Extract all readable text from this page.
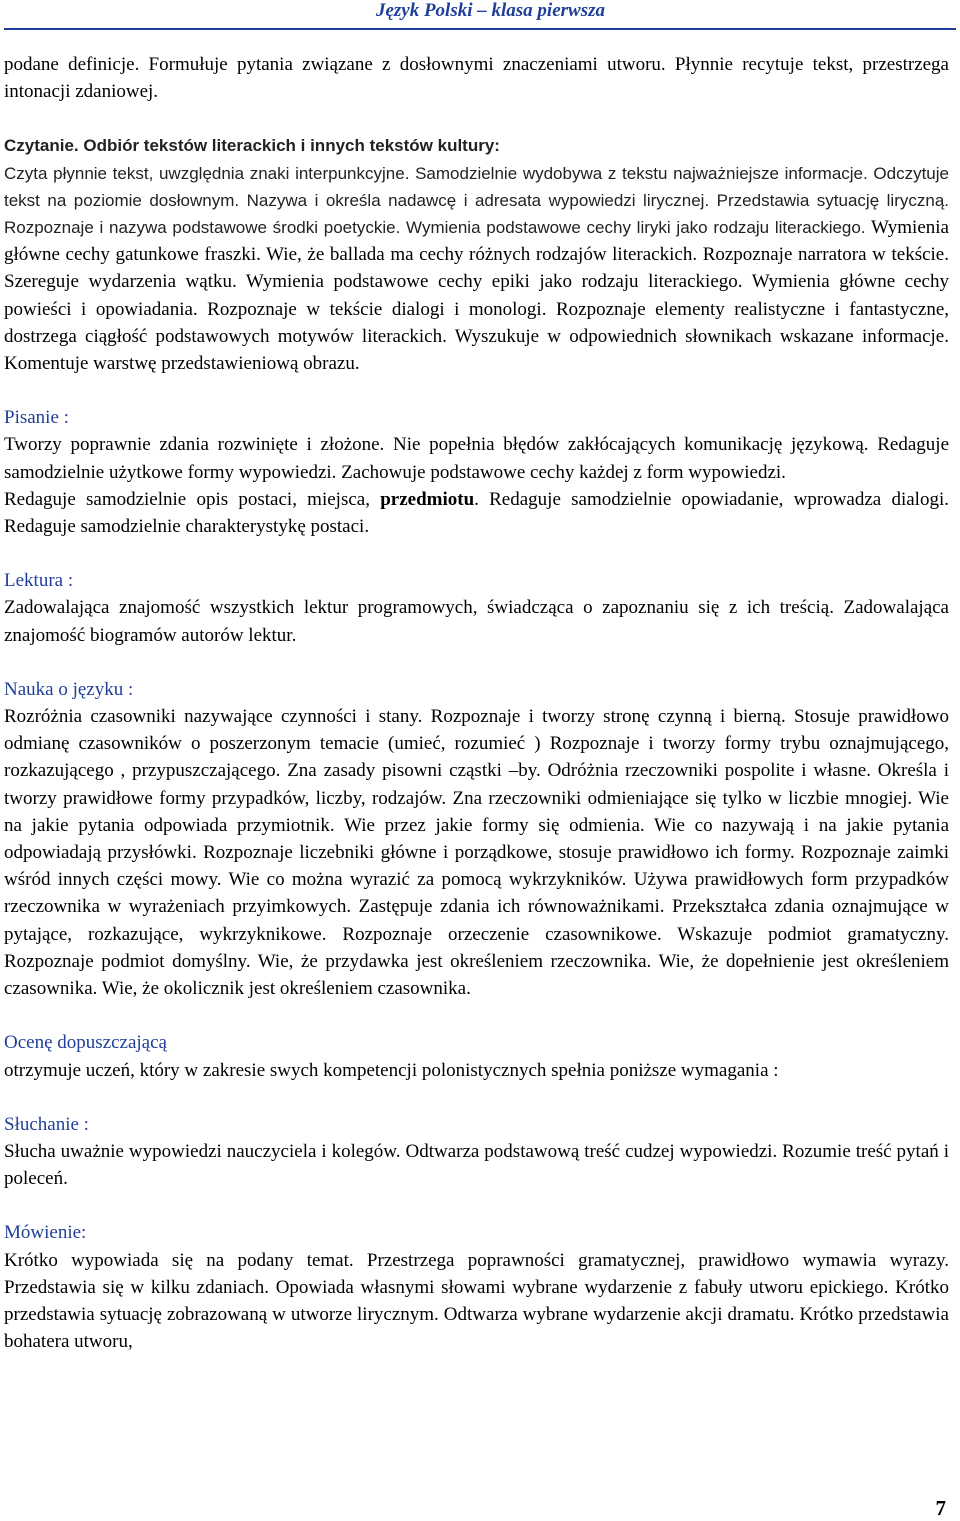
Język Polski – klasa pierwsza

podane definicje. Formułuje pytania związane z dosłownymi znaczeniami utworu. Płynnie recytuje tekst, przestrzega intonacji zdaniowej.

Czytanie. Odbiór tekstów literackich i innych tekstów kultury:

Czyta płynnie tekst, uwzględnia znaki interpunkcyjne. Samodzielnie wydobywa z tekstu najważniejsze informacje. Odczytuje tekst na poziomie dosłownym. Nazywa i określa nadawcę i adresata wypowiedzi lirycznej. Przedstawia sytuację liryczną. Rozpoznaje i nazywa podstawowe środki poetyckie. Wymienia podstawowe cechy liryki jako rodzaju literackiego. Wymienia główne cechy gatunkowe fraszki. Wie, że ballada ma cechy różnych rodzajów literackich. Rozpoznaje narratora w tekście. Szereguje wydarzenia wątku. Wymienia podstawowe cechy epiki jako rodzaju literackiego. Wymienia główne cechy powieści i opowiadania. Rozpoznaje w tekście dialogi i monologi. Rozpoznaje elementy realistyczne i fantastyczne, dostrzega ciągłość podstawowych motywów literackich. Wyszukuje w odpowiednich słownikach wskazane informacje. Komentuje warstwę przedstawieniową obrazu.

Pisanie :

Tworzy poprawnie zdania rozwinięte i złożone. Nie popełnia błędów zakłócających komunikację językową. Redaguje samodzielnie użytkowe formy wypowiedzi. Zachowuje podstawowe cechy każdej z form wypowiedzi.

Redaguje samodzielnie opis postaci, miejsca, przedmiotu. Redaguje samodzielnie opowiadanie, wprowadza dialogi. Redaguje samodzielnie charakterystykę postaci.

Lektura :

Zadowalająca znajomość wszystkich lektur programowych, świadcząca o zapoznaniu się z ich treścią. Zadowalająca znajomość biogramów autorów lektur.

Nauka o języku :

Rozróżnia czasowniki nazywające czynności i stany. Rozpoznaje i tworzy stronę czynną i bierną. Stosuje prawidłowo odmianę czasowników o poszerzonym temacie (umieć, rozumieć ) Rozpoznaje i tworzy formy trybu oznajmującego, rozkazującego , przypuszczającego. Zna zasady pisowni cząstki –by. Odróżnia rzeczowniki pospolite i własne. Określa i tworzy prawidłowe formy przypadków, liczby, rodzajów. Zna rzeczowniki odmieniające się tylko w liczbie mnogiej. Wie na jakie pytania odpowiada przymiotnik. Wie przez jakie formy się odmienia. Wie co nazywają i na jakie pytania odpowiadają przysłówki. Rozpoznaje liczebniki główne i porządkowe, stosuje prawidłowo ich formy. Rozpoznaje zaimki wśród innych części mowy. Wie co można wyrazić za pomocą wykrzykników. Używa prawidłowych form przypadków rzeczownika w wyrażeniach przyimkowych. Zastępuje zdania ich równoważnikami. Przekształca zdania oznajmujące w pytające, rozkazujące, wykrzyknikowe. Rozpoznaje orzeczenie czasownikowe. Wskazuje podmiot gramatyczny. Rozpoznaje podmiot domyślny. Wie, że przydawka jest określeniem rzeczownika. Wie, że dopełnienie jest określeniem czasownika. Wie, że okolicznik jest określeniem czasownika.

Ocenę dopuszczającą

otrzymuje uczeń, który w zakresie swych kompetencji polonistycznych spełnia poniższe wymagania :

Słuchanie :

Słucha uważnie wypowiedzi nauczyciela i kolegów. Odtwarza podstawową treść cudzej wypowiedzi. Rozumie treść pytań i poleceń.

Mówienie:

Krótko wypowiada się na podany temat. Przestrzega poprawności gramatycznej, prawidłowo wymawia wyrazy. Przedstawia się w kilku zdaniach. Opowiada własnymi słowami wybrane wydarzenie z fabuły utworu epickiego. Krótko przedstawia sytuację zobrazowaną w utworze lirycznym. Odtwarza wybrane wydarzenie akcji dramatu. Krótko przedstawia bohatera utworu,

7
